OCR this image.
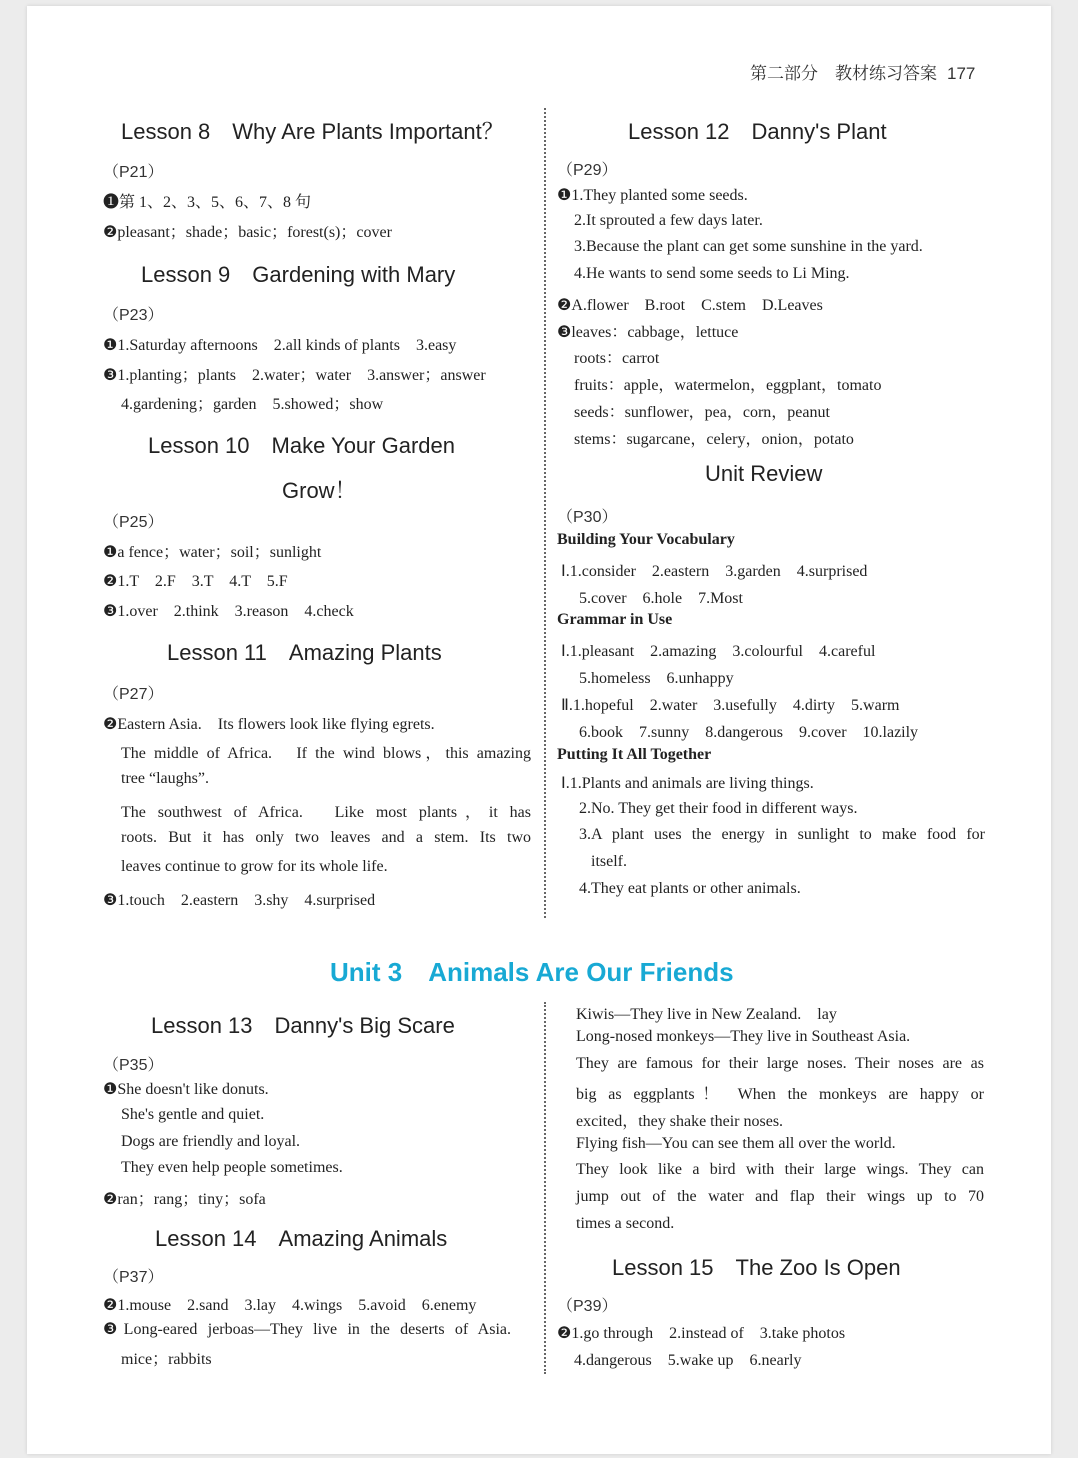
第二部分　教材练习答案 177
Lesson 8　Why Are Plants Important？
（P21）
❶第 1、2、3、5、6、7、8 句
❷pleasant；shade；basic；forest(s)；cover
Lesson 9　Gardening with Mary
（P23）
❶1.Saturday afternoons　2.all kinds of plants　3.easy
❸1.planting；plants　2.water；water　3.answer；answer
4.gardening；garden　5.showed；show
Lesson 10　Make Your Garden
Grow！
（P25）
❶a fence；water；soil；sunlight
❷1.T　2.F　3.T　4.T　5.F
❸1.over　2.think　3.reason　4.check
Lesson 11　Amazing Plants
（P27）
❷Eastern Asia.　Its flowers look like flying egrets.
The middle of Africa.　If the wind blows，this amazing
tree “laughs”.
The southwest of Africa.　Like most plants，it has
roots. But it has only two leaves and a stem. Its two
leaves continue to grow for its whole life.
❸1.touch　2.eastern　3.shy　4.surprised
Lesson 12　Danny's Plant
（P29）
❶1.They planted some seeds.
2.It sprouted a few days later.
3.Because the plant can get some sunshine in the yard.
4.He wants to send some seeds to Li Ming.
❷A.flower　B.root　C.stem　D.Leaves
❸leaves：cabbage，lettuce
roots：carrot
fruits：apple，watermelon，eggplant，tomato
seeds：sunflower，pea，corn，peanut
stems：sugarcane，celery，onion，potato
Unit Review
（P30）
Building Your Vocabulary
Ⅰ.1.consider　2.eastern　3.garden　4.surprised
5.cover　6.hole　7.Most
Grammar in Use
Ⅰ.1.pleasant　2.amazing　3.colourful　4.careful
5.homeless　6.unhappy
Ⅱ.1.hopeful　2.water　3.usefully　4.dirty　5.warm
6.book　7.sunny　8.dangerous　9.cover　10.lazily
Putting It All Together
Ⅰ.1.Plants and animals are living things.
2.No. They get their food in different ways.
3.A plant uses the energy in sunlight to make food for
itself.
4.They eat plants or other animals.
Unit 3　Animals Are Our Friends
Lesson 13　Danny's Big Scare
（P35）
❶She doesn't like donuts.
She's gentle and quiet.
Dogs are friendly and loyal.
They even help people sometimes.
❷ran；rang；tiny；sofa
Lesson 14　Amazing Animals
（P37）
❷1.mouse　2.sand　3.lay　4.wings　5.avoid　6.enemy
❸Long-eared jerboas—They live in the deserts of Asia.
mice；rabbits
Kiwis—They live in New Zealand.　lay
Long-nosed monkeys—They live in Southeast Asia.
They are famous for their large noses. Their noses are as
big as eggplants！ When the monkeys are happy or
excited，they shake their noses.
Flying fish—You can see them all over the world.
They look like a bird with their large wings. They can
jump out of the water and flap their wings up to 70
times a second.
Lesson 15　The Zoo Is Open
（P39）
❷1.go through　2.instead of　3.take photos
4.dangerous　5.wake up　6.nearly
